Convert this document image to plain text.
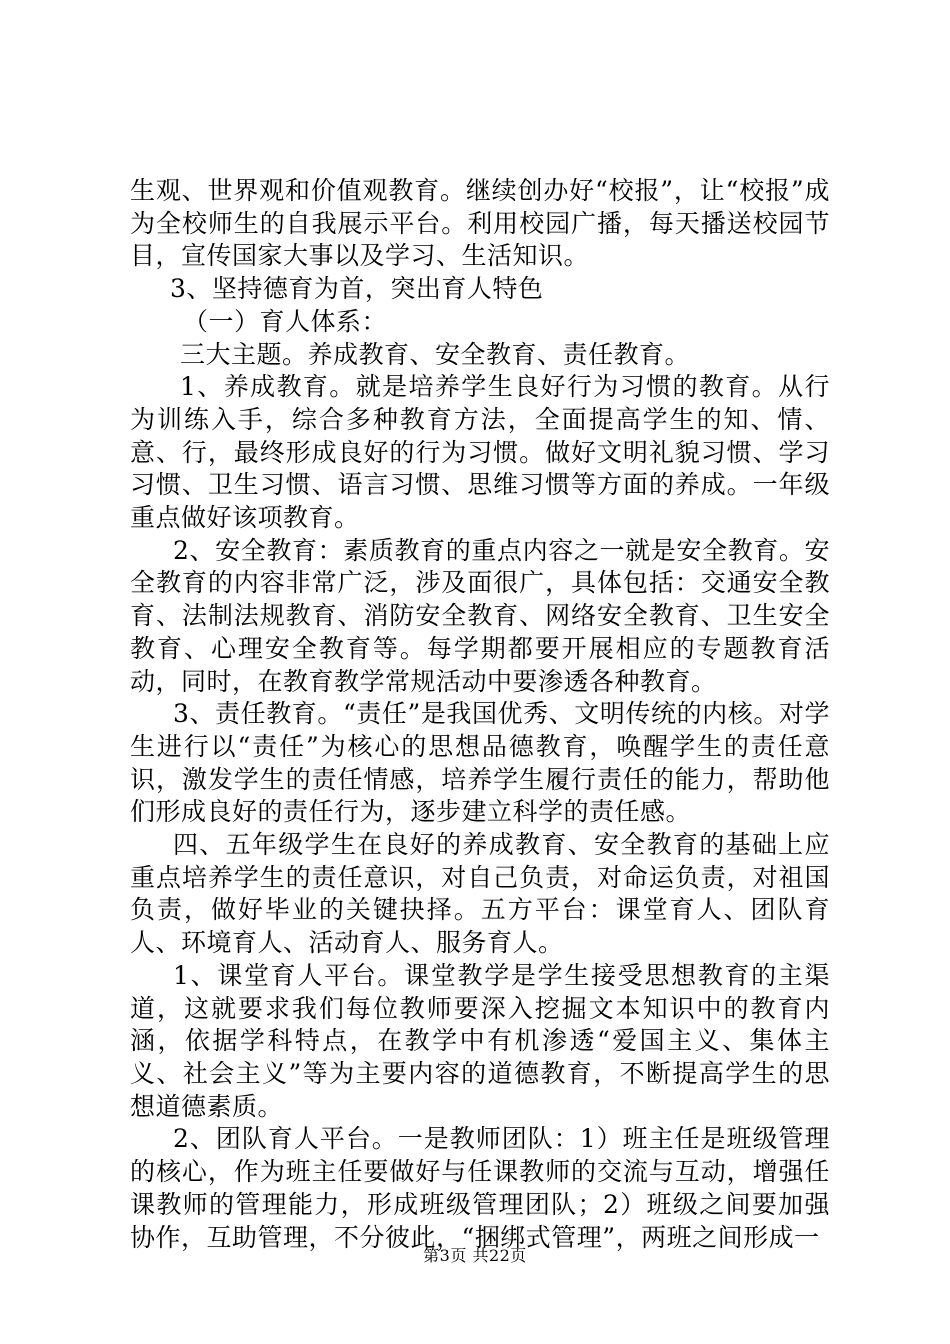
生观、世界观和价值观教育。继续创办好“校报”，让“校报”成为全校师生的自我展示平台。利用校园广播，每天播送校园节目，宣传国家大事以及学习、生活知识。

3、坚持德育为首，突出育人特色

（一）育人体系：

三大主题。养成教育、安全教育、责任教育。

1、养成教育。就是培养学生良好行为习惯的教育。从行为训练入手，综合多种教育方法，全面提高学生的知、情、意、行，最终形成良好的行为习惯。做好文明礼貌习惯、学习习惯、卫生习惯、语言习惯、思维习惯等方面的养成。一年级重点做好该项教育。

2、安全教育：素质教育的重点内容之一就是安全教育。安全教育的内容非常广泛，涉及面很广，具体包括：交通安全教育、法制法规教育、消防安全教育、网络安全教育、卫生安全教育、心理安全教育等。每学期都要开展相应的专题教育活动，同时，在教育教学常规活动中要渗透各种教育。

3、责任教育。“责任”是我国优秀、文明传统的内核。对学生进行以“责任”为核心的思想品德教育，唤醒学生的责任意识，激发学生的责任情感，培养学生履行责任的能力，帮助他们形成良好的责任行为，逐步建立科学的责任感。

四、五年级学生在良好的养成教育、安全教育的基础上应重点培养学生的责任意识，对自己负责，对命运负责，对祖国负责，做好毕业的关键抉择。五方平台：课堂育人、团队育人、环境育人、活动育人、服务育人。

1、课堂育人平台。课堂教学是学生接受思想教育的主渠道，这就要求我们每位教师要深入挖掘文本知识中的教育内涵，依据学科特点，在教学中有机渗透“爱国主义、集体主义、社会主义”等为主要内容的道德教育，不断提高学生的思想道德素质。

2、团队育人平台。一是教师团队：1）班主任是班级管理的核心，作为班主任要做好与任课教师的交流与互动，增强任课教师的管理能力，形成班级管理团队；2）班级之间要加强协作，互助管理，不分彼此，“捆绑式管理”，两班之间形成一

第3页 共22页
